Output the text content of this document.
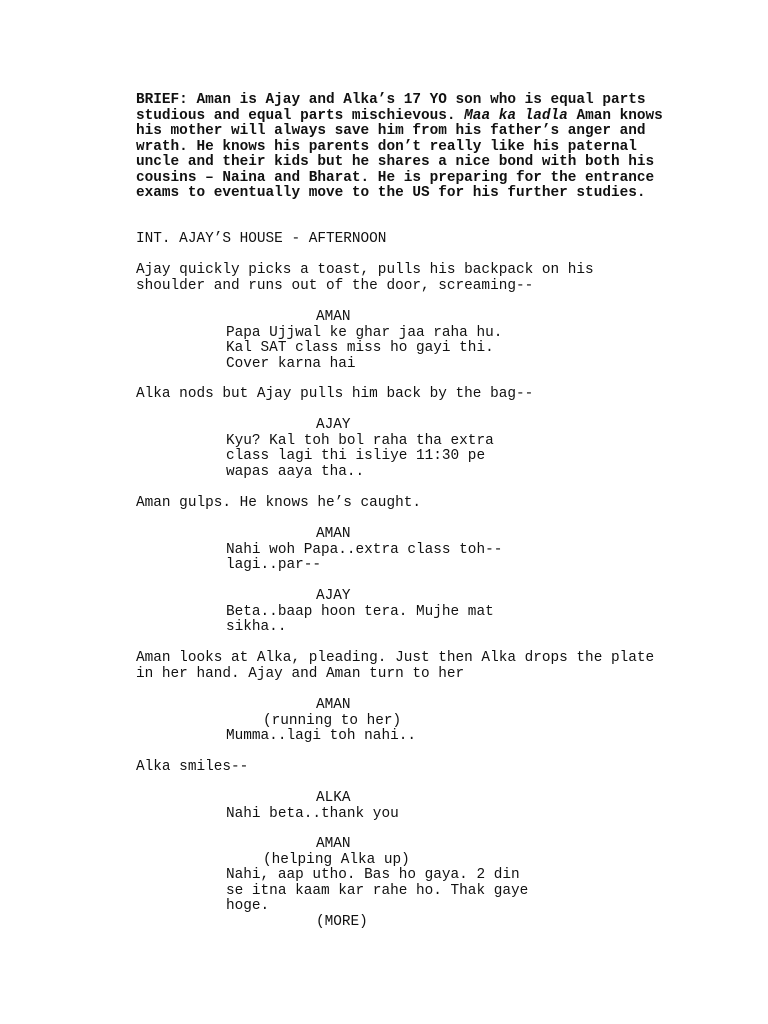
BRIEF: Aman is Ajay and Alka’s 17 YO son who is equal parts
studious and equal parts mischievous. Maa ka ladla Aman knows
his mother will always save him from his father’s anger and
wrath. He knows his parents don’t really like his paternal
uncle and their kids but he shares a nice bond with both his
cousins – Naina and Bharat. He is preparing for the entrance
exams to eventually move to the US for his further studies.
INT. AJAY’S HOUSE - AFTERNOON
Ajay quickly picks a toast, pulls his backpack on his
shoulder and runs out of the door, screaming--
AMAN
Papa Ujjwal ke ghar jaa raha hu.
Kal SAT class miss ho gayi thi.
Cover karna hai
Alka nods but Ajay pulls him back by the bag--
AJAY
Kyu? Kal toh bol raha tha extra
class lagi thi isliye 11:30 pe
wapas aaya tha..
Aman gulps. He knows he’s caught.
AMAN
Nahi woh Papa..extra class toh--
lagi..par--
AJAY
Beta..baap hoon tera. Mujhe mat
sikha..
Aman looks at Alka, pleading. Just then Alka drops the plate
in her hand. Ajay and Aman turn to her
AMAN
(running to her)
Mumma..lagi toh nahi..
Alka smiles--
ALKA
Nahi beta..thank you
AMAN
(helping Alka up)
Nahi, aap utho. Bas ho gaya. 2 din
se itna kaam kar rahe ho. Thak gaye
hoge.
(MORE)
